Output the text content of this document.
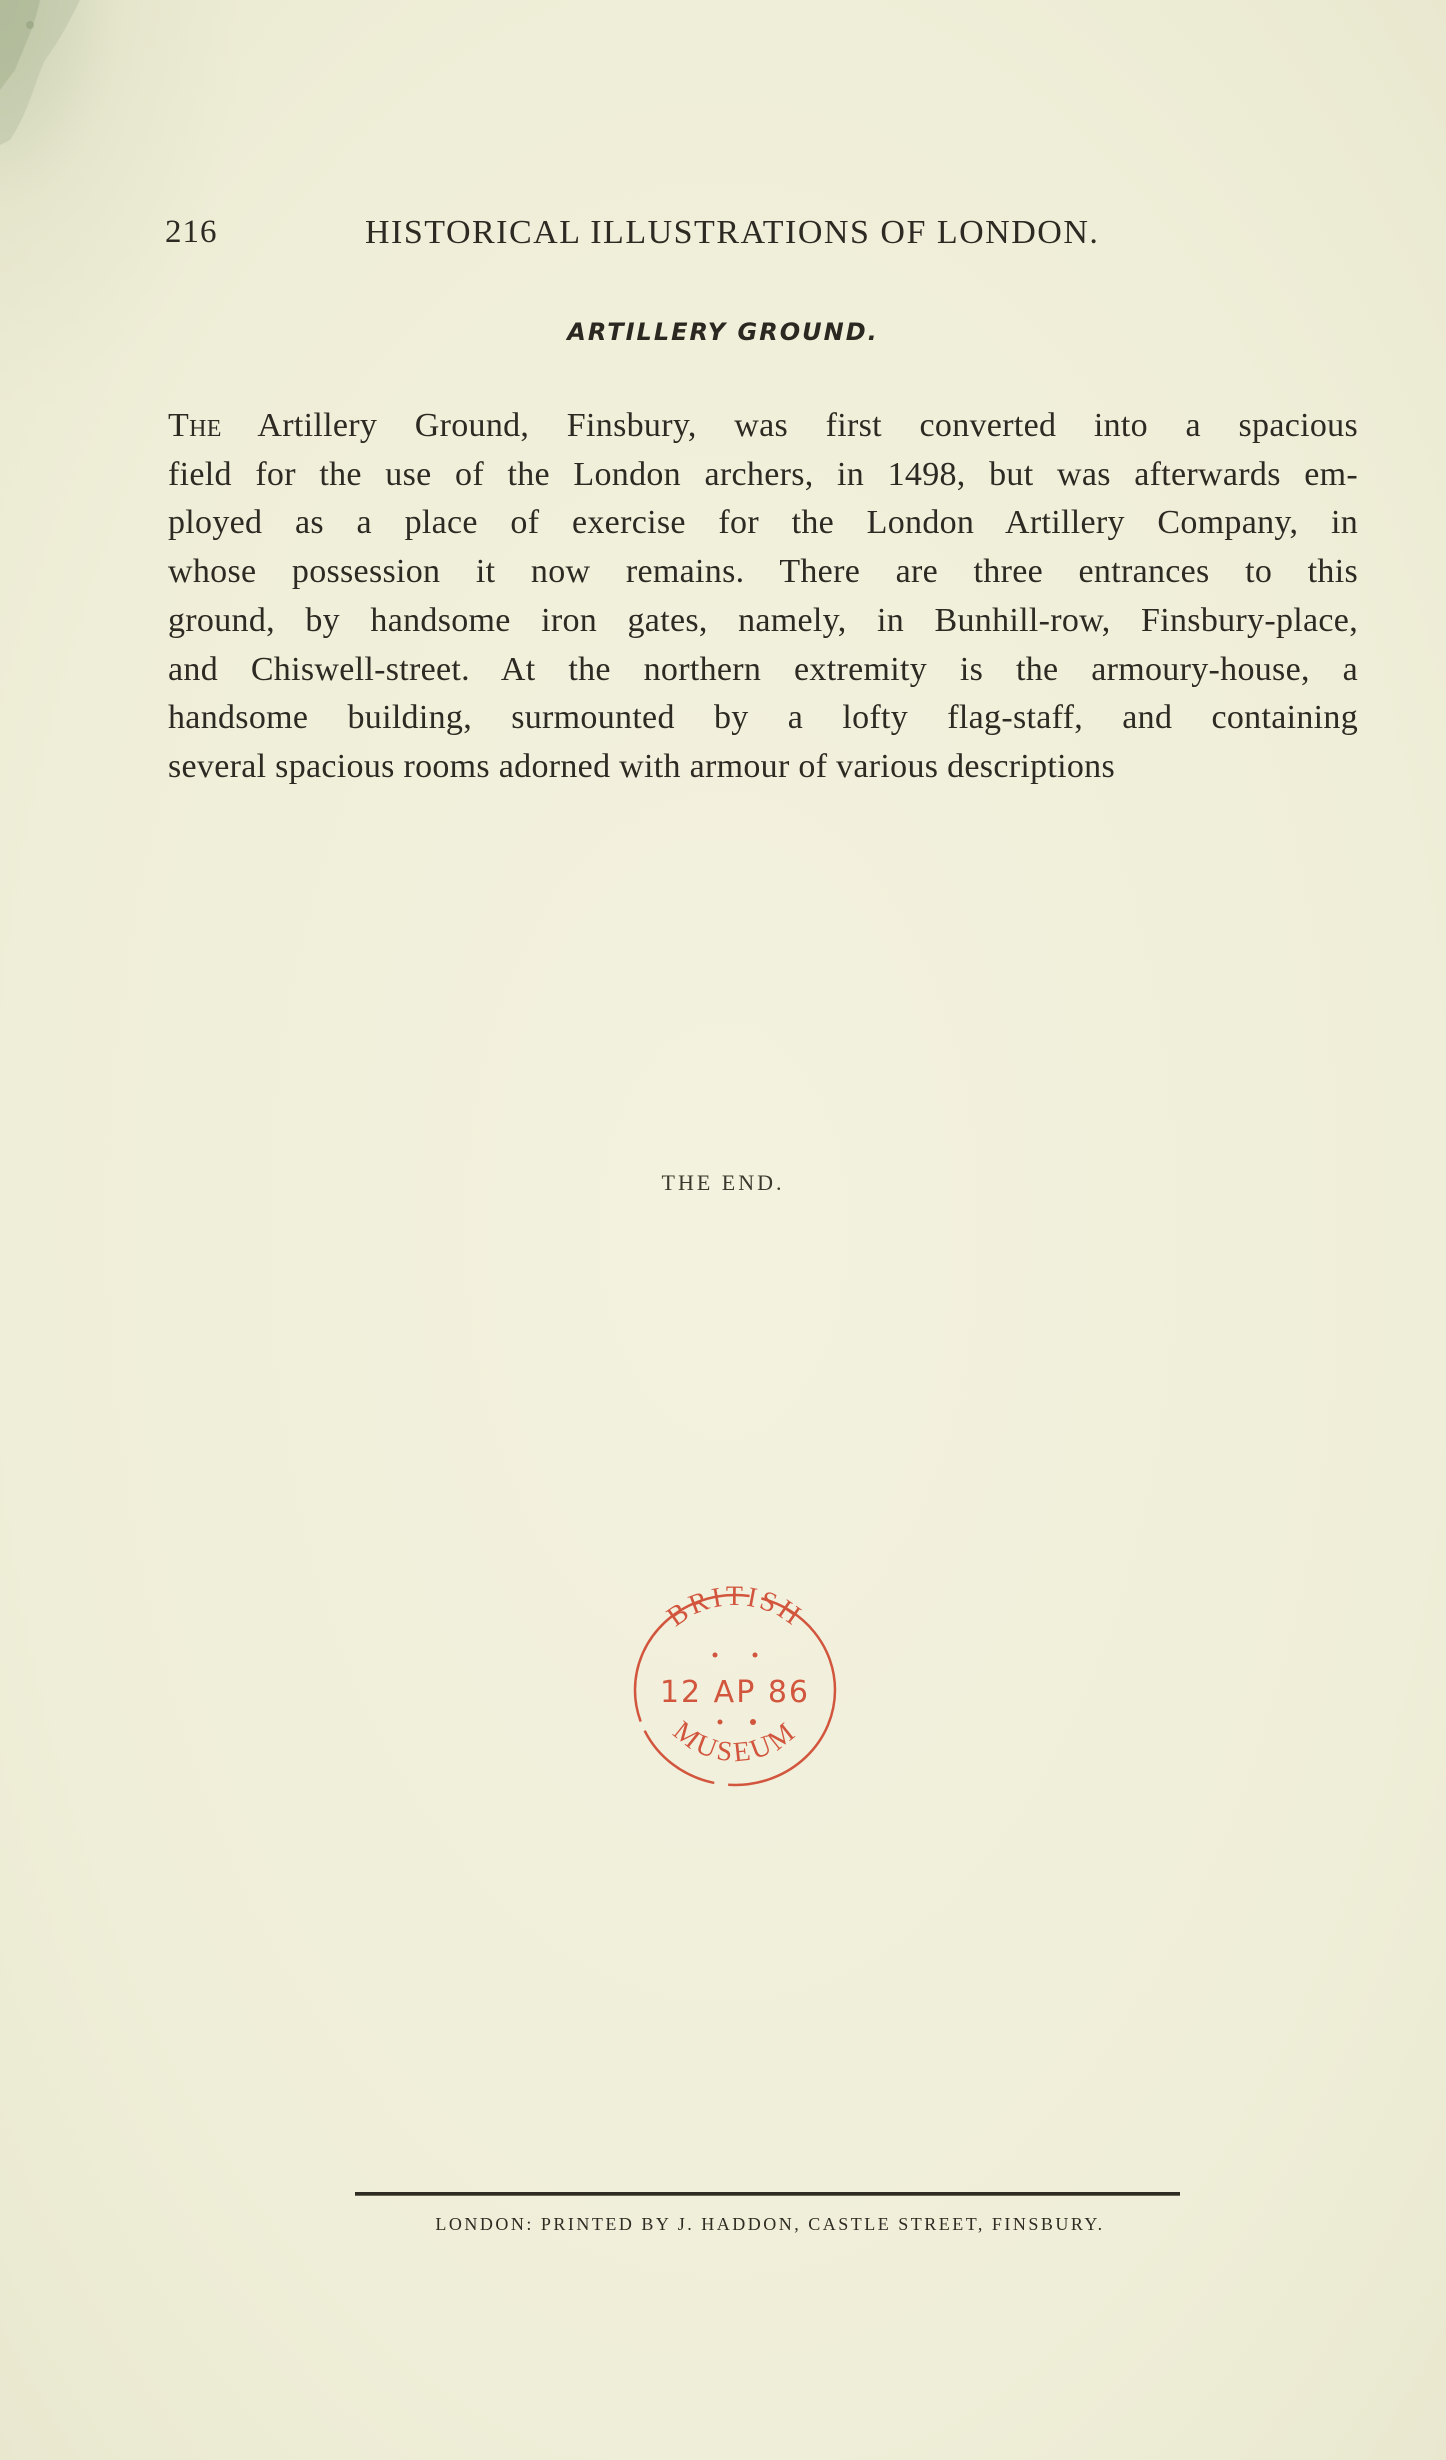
216	HISTORICAL ILLUSTRATIONS OF LONDON.
ARTILLERY GROUND.
The Artillery Ground, Finsbury, was first converted into a spacious
field for the use of the London archers, in 1498, but was afterwards em-
ployed as a place of exercise for the London Artillery Company, in
whose possession it now remains. There are three entrances to this
ground, by handsome iron gates, namely, in Bunhill-row, Finsbury-place,
and Chiswell-street. At the northern extremity is the armoury-house, a
handsome building, surmounted by a lofty flag-staff, and containing
several spacious rooms adorned with armour of various descriptions
THE END.
BRITISH
12 AP 86
MUSEUM
LONDON: PRINTED BY J. HADDON, CASTLE STREET, FINSBURY.
